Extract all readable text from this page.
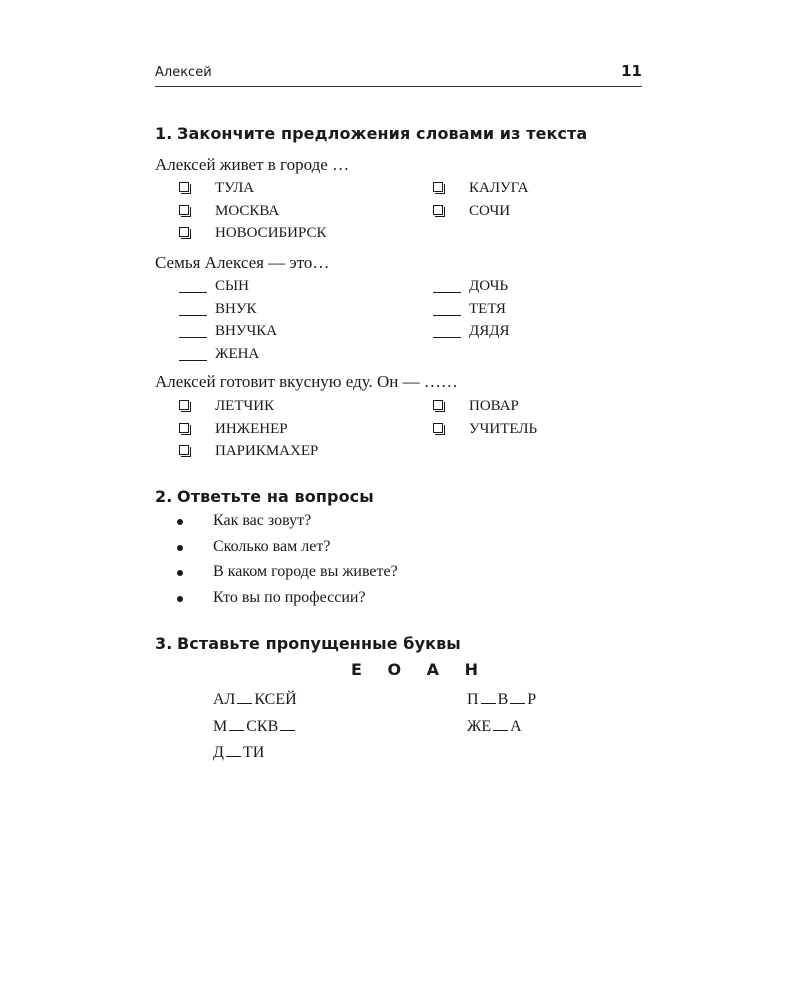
Алексей	11
1. Закончите предложения словами из текста
Алексей живет в городе …
ТУЛА
МОСКВА
НОВОСИБИРСК
КАЛУГА
СОЧИ
Семья Алексея — это…
СЫН
ВНУК
ВНУЧКА
ЖЕНА
ДОЧЬ
ТЕТЯ
ДЯДЯ
Алексей готовит вкусную еду. Он — ……
ЛЕТЧИК
ИНЖЕНЕР
ПАРИКМАХЕР
ПОВАР
УЧИТЕЛЬ
2. Ответьте на вопросы
Как вас зовут?
Сколько вам лет?
В каком городе вы живете?
Кто вы по профессии?
3. Вставьте пропущенные буквы
Е О А Н
АЛ КСЕЙ
М СКВ
Д ТИ
П В Р
ЖЕ А
